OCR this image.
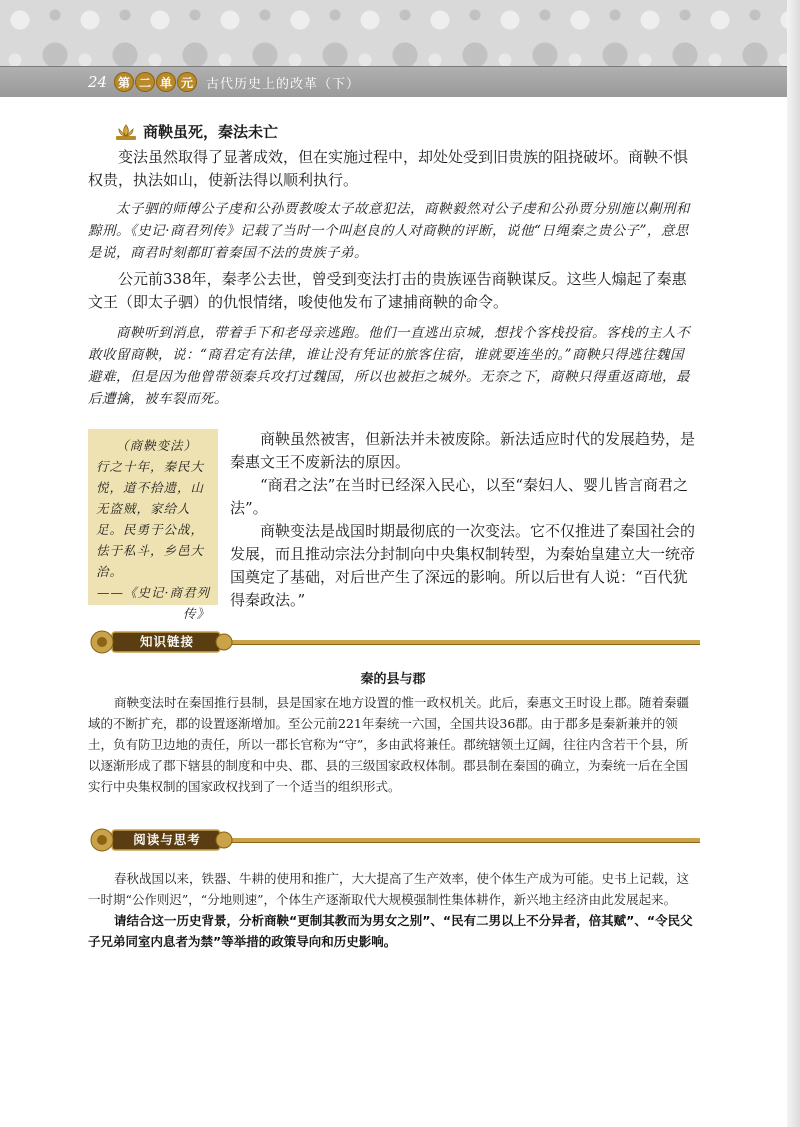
24 第 二 单 元	古代历史上的改革（下）
商鞅虽死，秦法未亡

变法虽然取得了显著成效，但在实施过程中，却处处受到旧贵族的阻挠破坏。商鞅不惧权贵，执法如山，使新法得以顺利执行。

太子驷的师傅公子虔和公孙贾教唆太子故意犯法，商鞅毅然对公子虔和公孙贾分别施以劓刑和黥刑。《史记·商君列传》记载了当时一个叫赵良的人对商鞅的评断，说他“日绳秦之贵公子”，意思是说，商君时刻都盯着秦国不法的贵族子弟。

公元前338年，秦孝公去世，曾受到变法打击的贵族诬告商鞅谋反。这些人煽起了秦惠文王（即太子驷）的仇恨情绪，唆使他发布了逮捕商鞅的命令。

商鞅听到消息，带着手下和老母亲逃跑。他们一直逃出京城，想找个客栈投宿。客栈的主人不敢收留商鞅，说：“商君定有法律，谁让没有凭证的旅客住宿，谁就要连坐的。”商鞅只得逃往魏国避难，但是因为他曾带领秦兵攻打过魏国，所以也被拒之城外。无奈之下，商鞅只得重返商地，最后遭擒，被车裂而死。

（商鞅变法）行之十年，秦民大悦，道不拾遗，山无盗贼，家给人足。民勇于公战，怯于私斗，乡邑大治。

——《史记·商君列传》

商鞅虽然被害，但新法并未被废除。新法适应时代的发展趋势，是秦惠文王不废新法的原因。

“商君之法”在当时已经深入民心，以至“秦妇人、婴儿皆言商君之法”。

商鞅变法是战国时期最彻底的一次变法。它不仅推进了秦国社会的发展，而且推动宗法分封制向中央集权制转型，为秦始皇建立大一统帝国奠定了基础，对后世产生了深远的影响。所以后世有人说：“百代犹得秦政法。”

知识链接
秦的县与郡

商鞅变法时在秦国推行县制，县是国家在地方设置的惟一政权机关。此后，秦惠文王时设上郡。随着秦疆域的不断扩充，郡的设置逐渐增加。至公元前221年秦统一六国，全国共设36郡。由于郡多是秦新兼并的领土，负有防卫边地的责任，所以一郡长官称为“守”，多由武将兼任。郡统辖领土辽阔，往往内含若干个县，所以逐渐形成了郡下辖县的制度和中央、郡、县的三级国家政权体制。郡县制在秦国的确立，为秦统一后在全国实行中央集权制的国家政权找到了一个适当的组织形式。

阅读与思考

春秋战国以来，铁器、牛耕的使用和推广，大大提高了生产效率，使个体生产成为可能。史书上记载，这一时期“公作则迟”，“分地则速”，个体生产逐渐取代大规模强制性集体耕作，新兴地主经济由此发展起来。

请结合这一历史背景，分析商鞅“更制其教而为男女之别”、“民有二男以上不分异者，倍其赋”、“令民父子兄弟同室内息者为禁”等举措的政策导向和历史影响。
